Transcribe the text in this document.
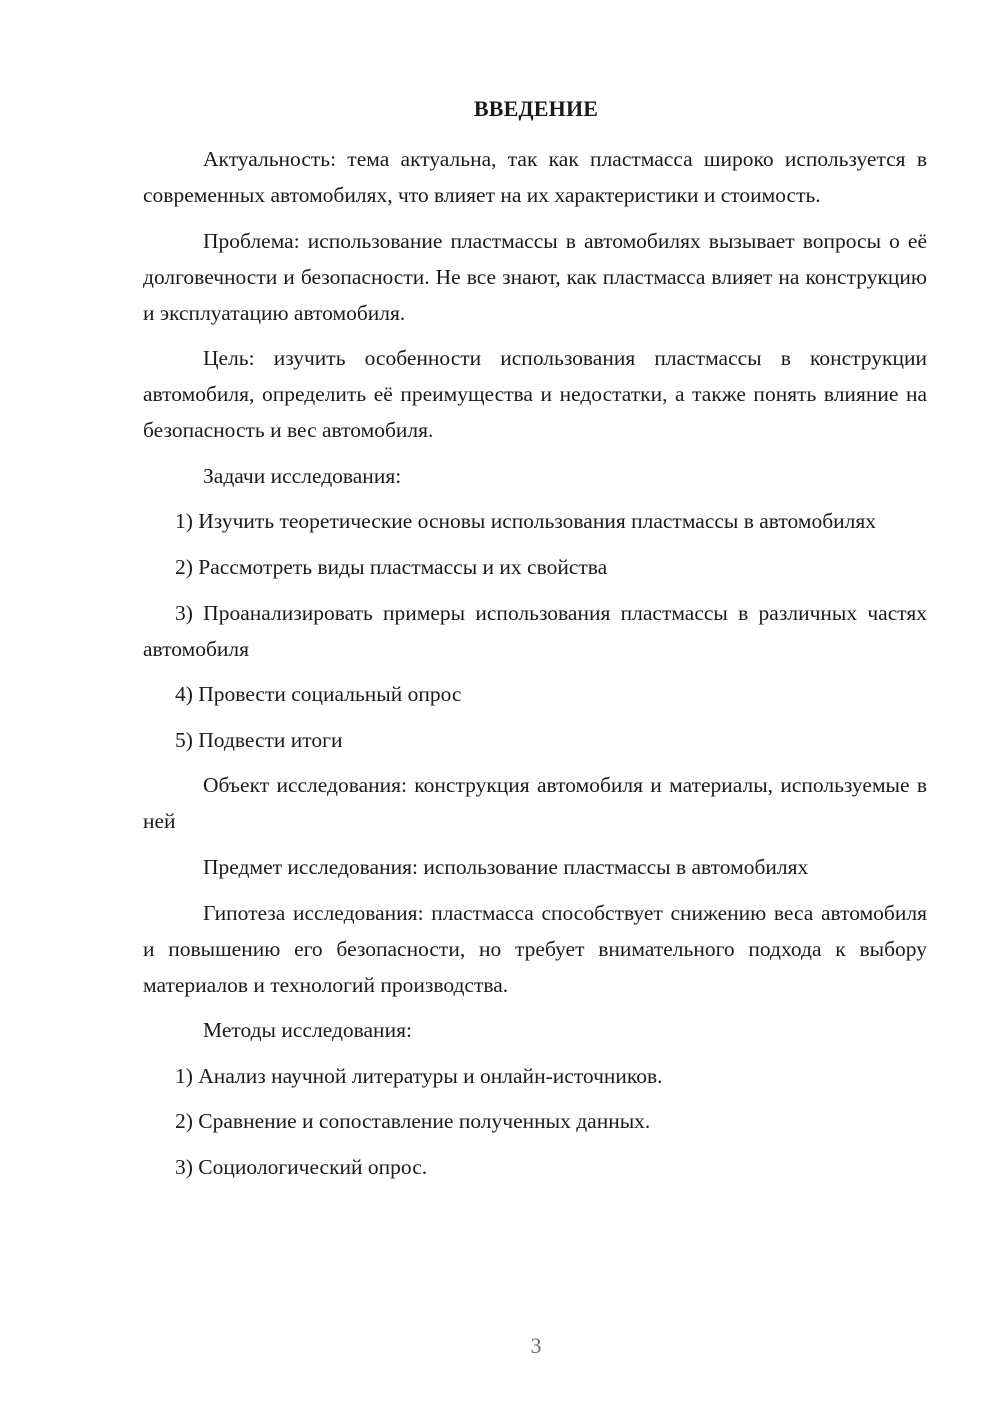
ВВЕДЕНИЕ

Актуальность: тема актуальна, так как пластмасса широко используется в современных автомобилях, что влияет на их характеристики и стоимость.

Проблема: использование пластмассы в автомобилях вызывает вопросы о её долговечности и безопасности. Не все знают, как пластмасса влияет на конструкцию и эксплуатацию автомобиля.

Цель: изучить особенности использования пластмассы в конструкции автомобиля, определить её преимущества и недостатки, а также понять влияние на безопасность и вес автомобиля.

Задачи исследования:

1) Изучить теоретические основы использования пластмассы в автомобилях

2) Рассмотреть виды пластмассы и их свойства

3) Проанализировать примеры использования пластмассы в различных частях автомобиля

4) Провести социальный опрос

5) Подвести итоги

Объект исследования: конструкция автомобиля и материалы, используемые в ней

Предмет исследования: использование пластмассы в автомобилях

Гипотеза исследования: пластмасса способствует снижению веса автомобиля и повышению его безопасности, но требует внимательного подхода к выбору материалов и технологий производства.

Методы исследования:

1) Анализ научной литературы и онлайн-источников.

2) Сравнение и сопоставление полученных данных.

3) Социологический опрос.

3
